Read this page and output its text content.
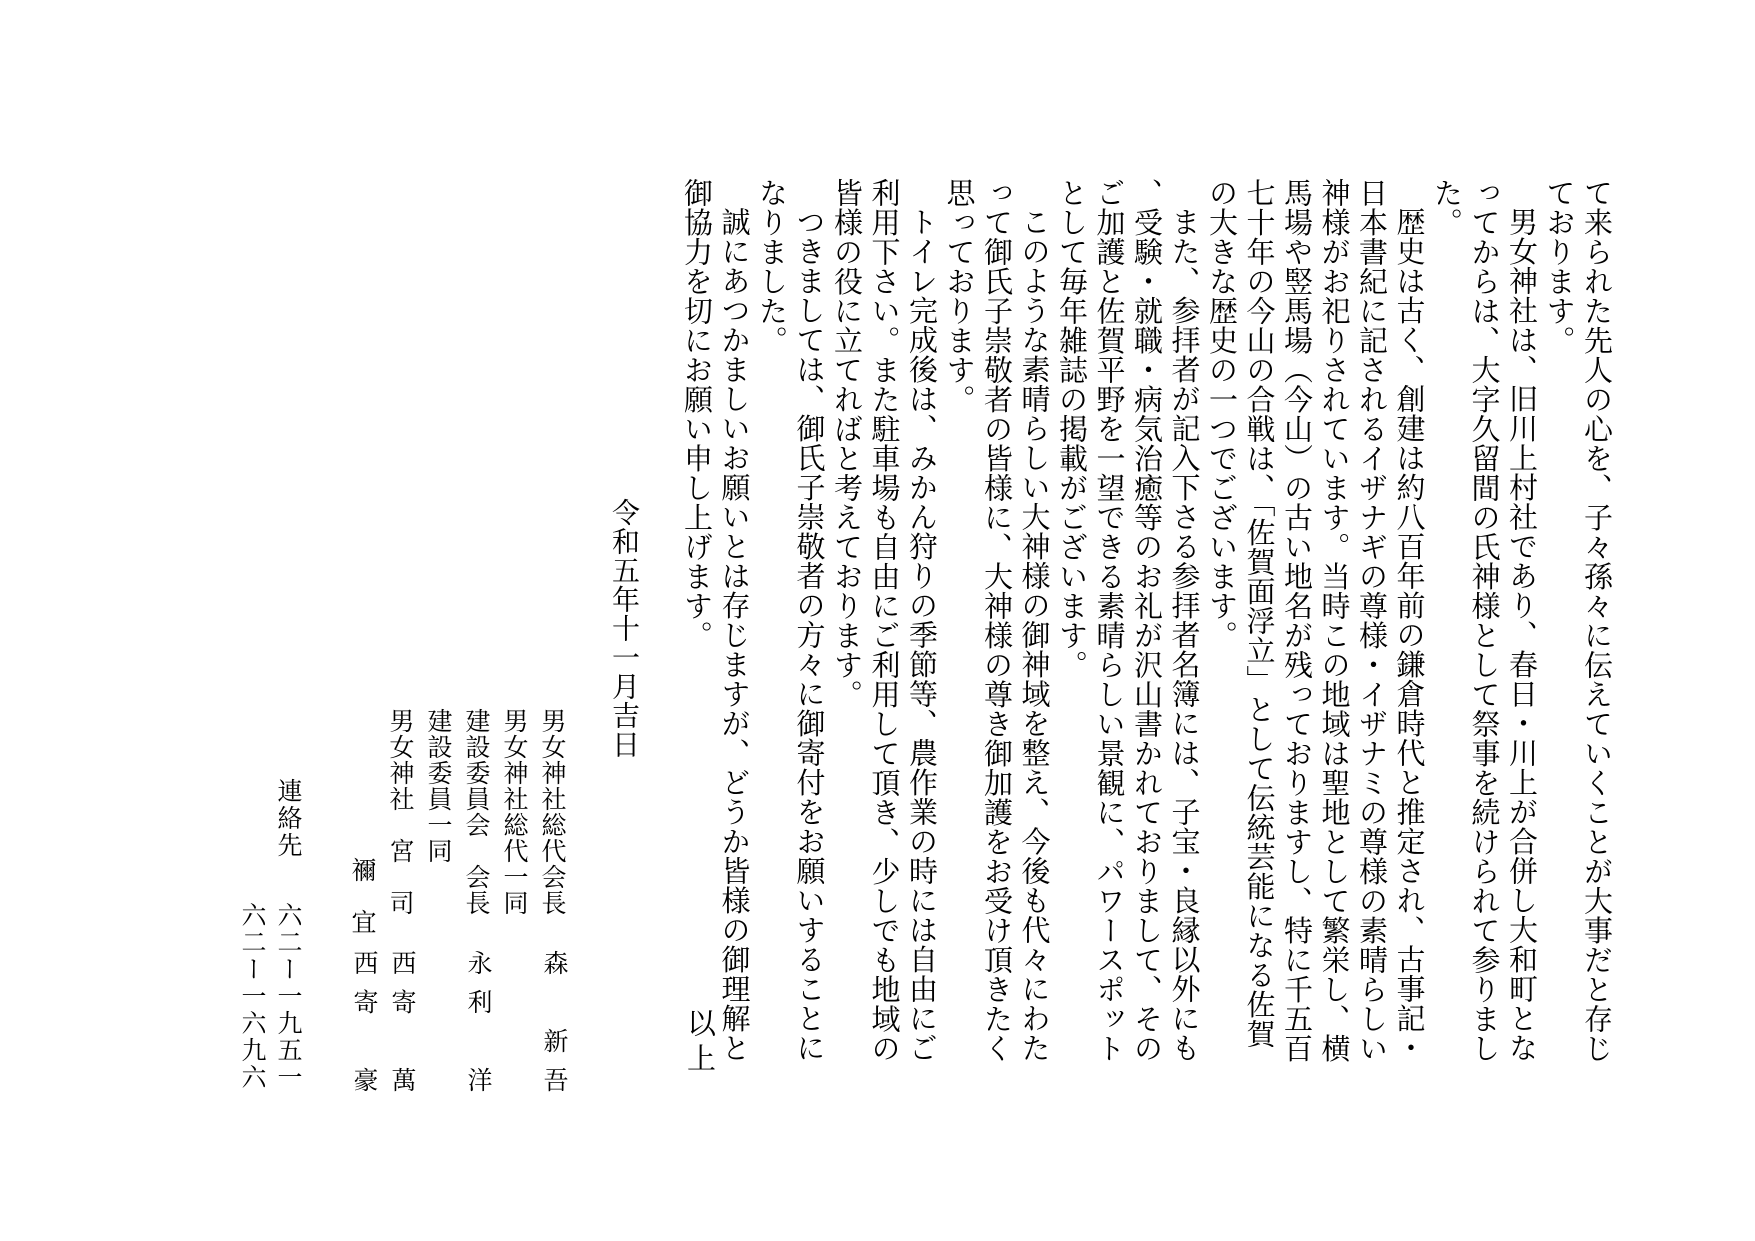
て来られた先人の心を、子々孫々に伝えていくことが大事だと存じております。

男女神社は、旧川上村社であり、春日・川上が合併し大和町となってからは、大字久留間の氏神様として祭事を続けられて参りました。

歴史は古く、創建は約八百年前の鎌倉時代と推定され、古事記・日本書紀に記されるイザナギの尊様・イザナミの尊様の素晴らしい神様がお祀りされています。当時この地域は聖地として繁栄し、横馬場や竪馬場（今山）の古い地名が残っておりますし、特に千五百七十年の今山の合戦は、「佐賀面浮立」として伝統芸能になる佐賀の大きな歴史の一つでございます。

また、参拝者が記入下さる参拝者名簿には、子宝・良縁以外にも、受験・就職・病気治癒等のお礼が沢山書かれておりまして、そのご加護と佐賀平野を一望できる素晴らしい景観に、パワースポットとして毎年雑誌の掲載がございます。

このような素晴らしい大神様の御神域を整え、今後も代々にわたって御氏子崇敬者の皆様に、大神様の尊き御加護をお受け頂きたく思っております。

トイレ完成後は、みかん狩りの季節等、農作業の時には自由にご利用下さい。また駐車場も自由にご利用して頂き、少しでも地域の皆様の役に立てればと考えております。

つきましては、御氏子崇敬者の方々に御寄付をお願いすることになりました。

誠にあつかましいお願いとは存じますが、どうか皆様の御理解と御協力を切にお願い申し上げます。

以上
令和五年十一月吉日
男女神社総代会長
森　新吾
男女神社総代一同
建設委員会　会長
永利　洋
建設委員一同
男女神社　宮　司
西寄　萬
禰　宜
西寄　豪
連絡先
六二ー一九五一
六二ー一六九六
